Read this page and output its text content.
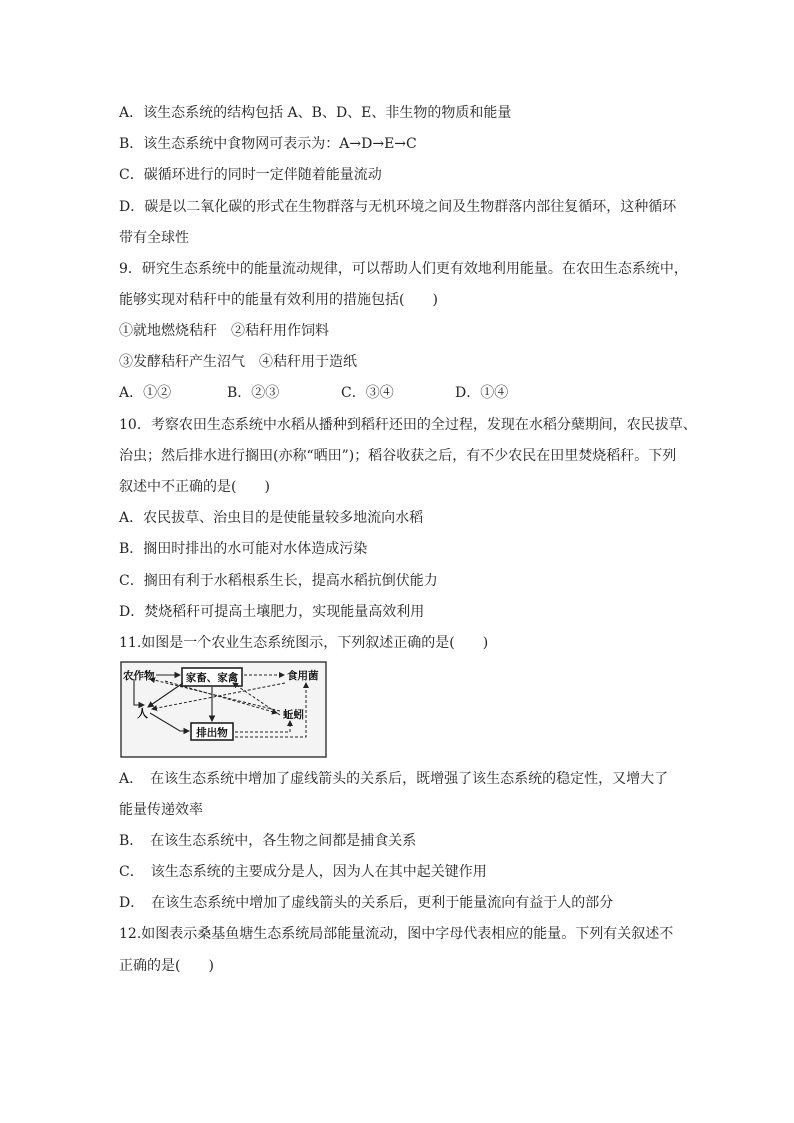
A．该生态系统的结构包括 A、B、D、E、非生物的物质和能量
B．该生态系统中食物网可表示为：A→D→E→C
C．碳循环进行的同时一定伴随着能量流动
D．碳是以二氧化碳的形式在生物群落与无机环境之间及生物群落内部往复循环，这种循环
带有全球性
9．研究生态系统中的能量流动规律，可以帮助人们更有效地利用能量。在农田生态系统中，
能够实现对秸秆中的能量有效利用的措施包括(　　)
①就地燃烧秸秆　②秸秆用作饲料
③发酵秸秆产生沼气　④秸秆用于造纸
A．①②	B．②③	C．③④	D．①④
10．考察农田生态系统中水稻从播种到稻秆还田的全过程，发现在水稻分蘖期间，农民拔草、
治虫；然后排水进行搁田(亦称“晒田”)；稻谷收获之后，有不少农民在田里焚烧稻秆。下列
叙述中不正确的是(　　)
A．农民拔草、治虫目的是使能量较多地流向水稻
B．搁田时排出的水可能对水体造成污染
C．搁田有利于水稻根系生长，提高水稻抗倒伏能力
D．焚烧稻秆可提高土壤肥力，实现能量高效利用
11.如图是一个农业生态系统图示，下列叙述正确的是(　　)
农作物	家畜、家禽	食用菌
人	蚯蚓
排出物
A．　在该生态系统中增加了虚线箭头的关系后，既增强了该生态系统的稳定性，又增大了
能量传递效率
B．　在该生态系统中，各生物之间都是捕食关系
C．　该生态系统的主要成分是人，因为人在其中起关键作用
D．　在该生态系统中增加了虚线箭头的关系后，更利于能量流向有益于人的部分
12.如图表示桑基鱼塘生态系统局部能量流动，图中字母代表相应的能量。下列有关叙述不
正确的是(　　)
